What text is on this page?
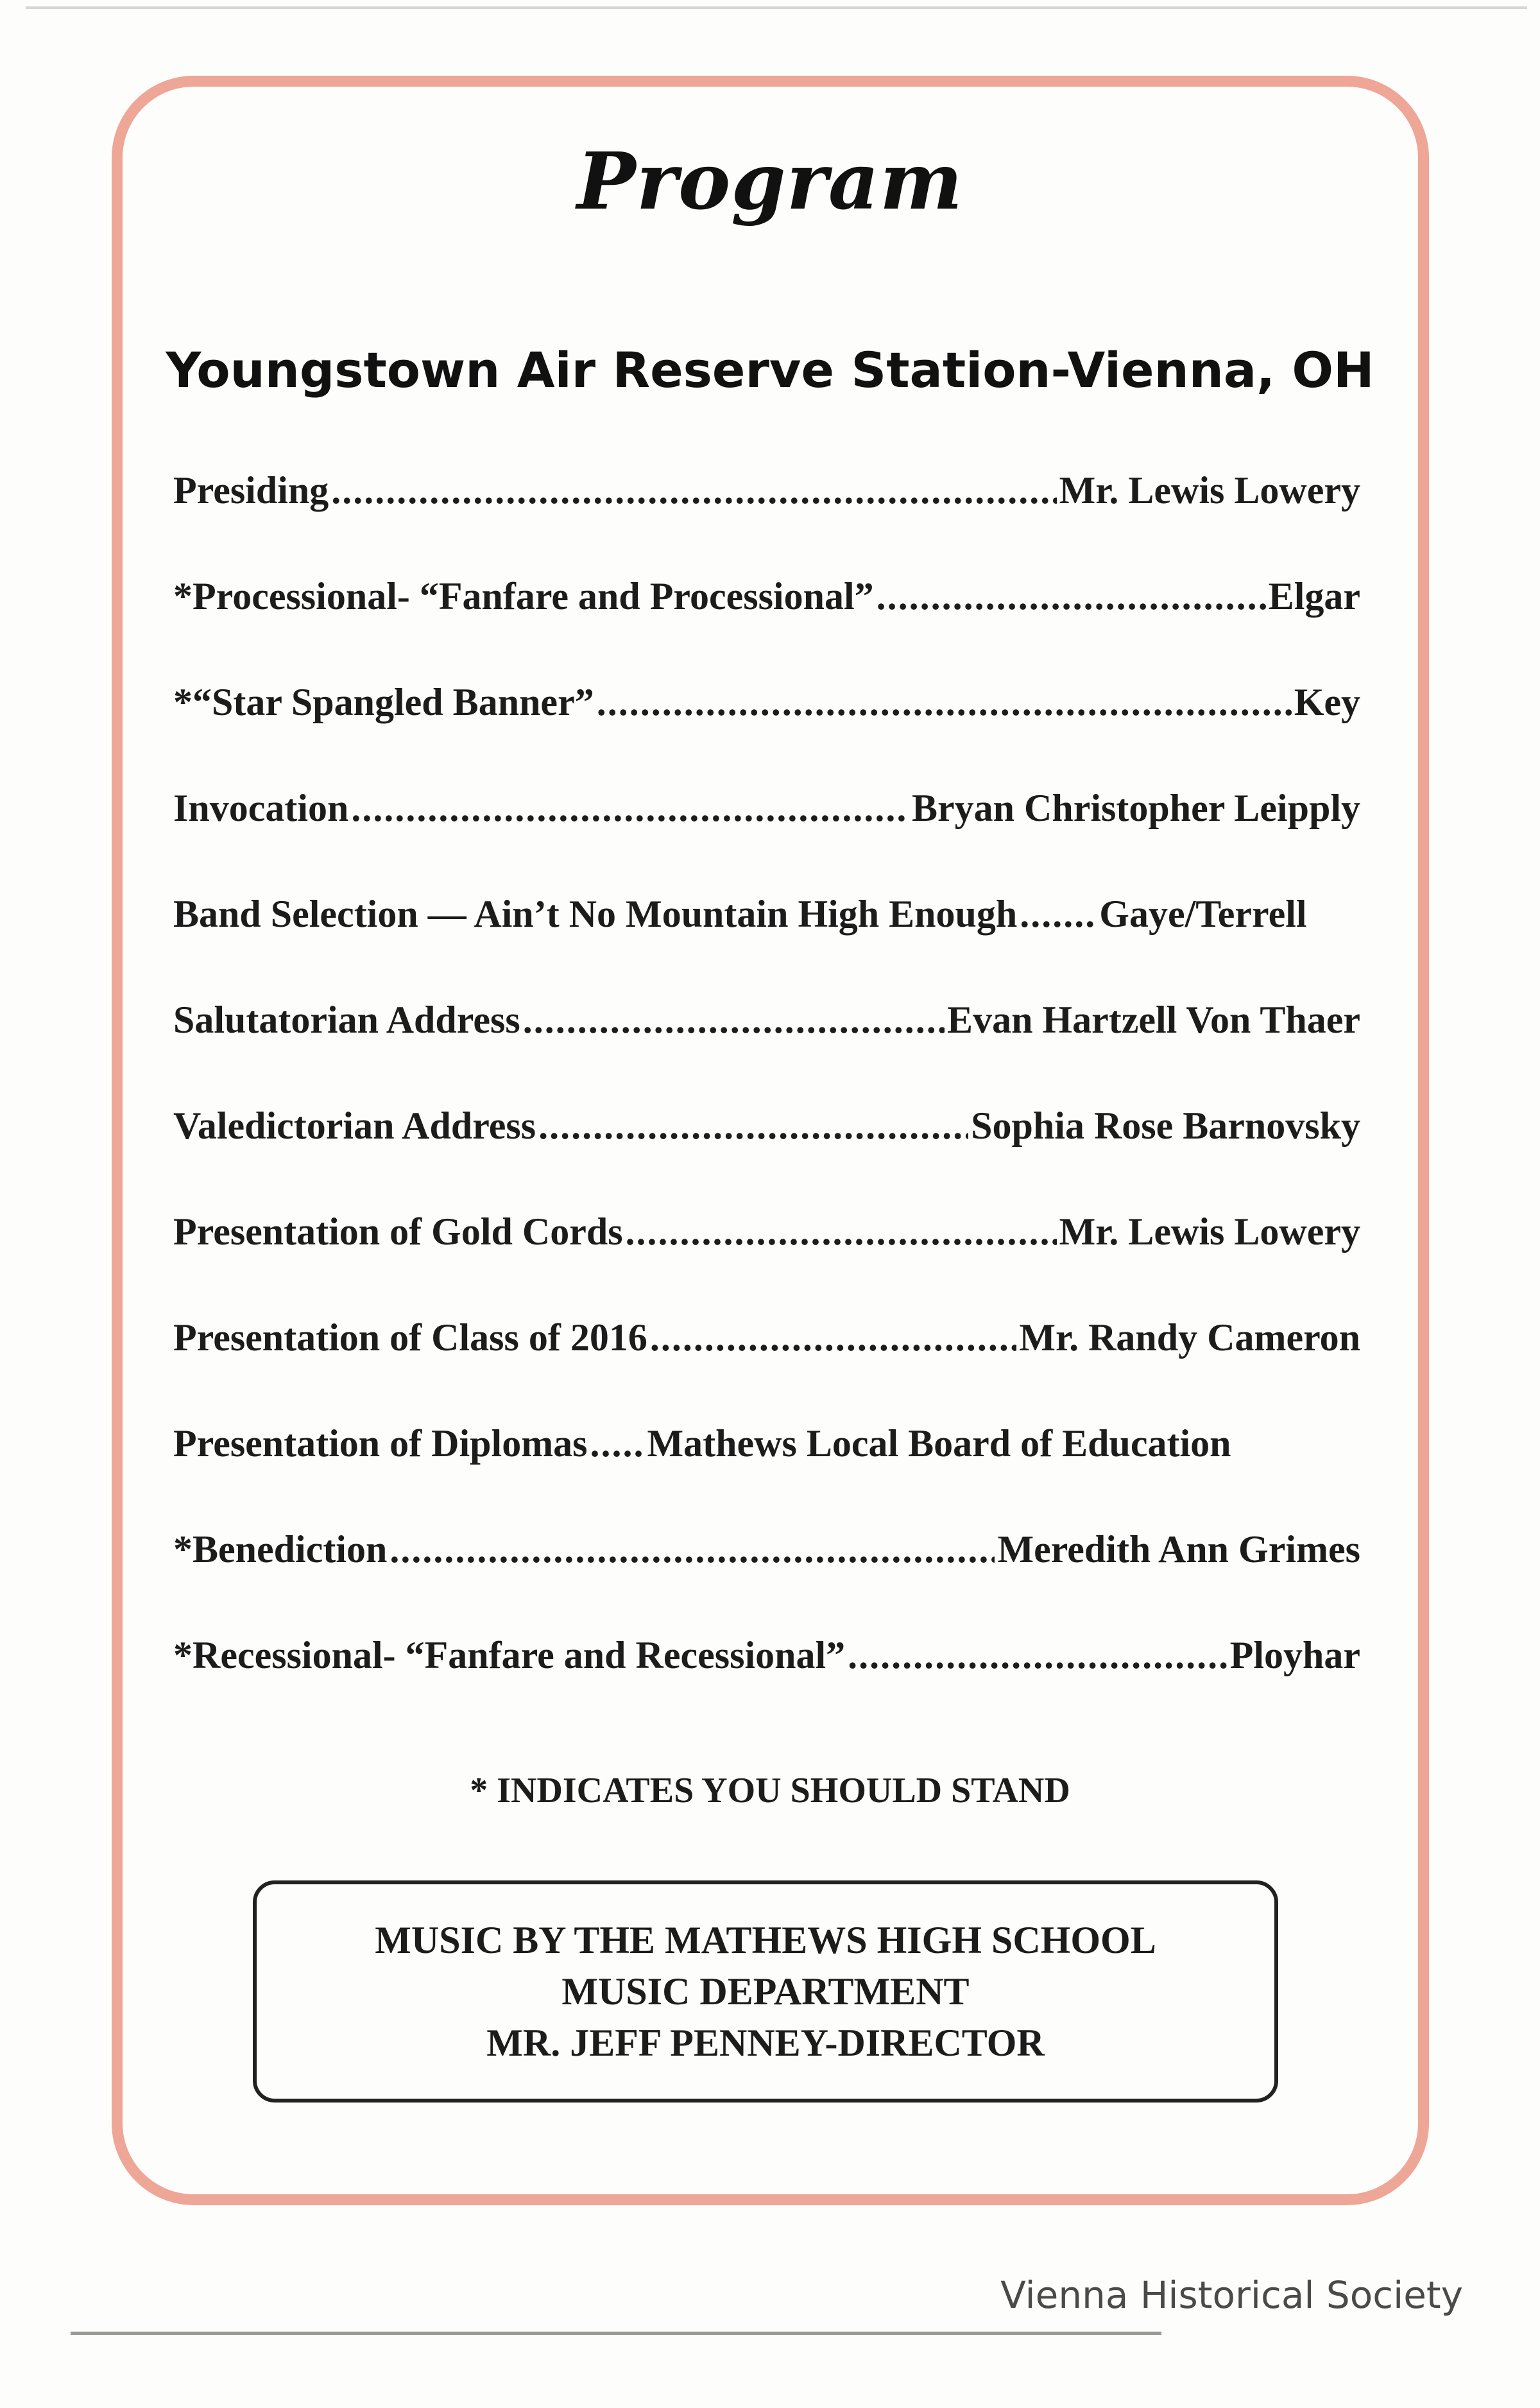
Program
Youngstown Air Reserve Station-Vienna, OH
Presiding .....	Mr. Lewis Lowery
*Processional- “Fanfare and Processional” .....	Elgar
*“Star Spangled Banner” .....	Key
Invocation .....	Bryan Christopher Leipply
Band Selection — Ain’t No Mountain High Enough ..... Gaye/Terrell
Salutatorian Address .....	Evan Hartzell Von Thaer
Valedictorian Address .....	Sophia Rose Barnovsky
Presentation of Gold Cords .....	Mr. Lewis Lowery
Presentation of Class of 2016 .....	Mr. Randy Cameron
Presentation of Diplomas ..... Mathews Local Board of Education
*Benediction .....	Meredith Ann Grimes
*Recessional- “Fanfare and Recessional” .....	Ployhar
* INDICATES YOU SHOULD STAND
MUSIC BY THE MATHEWS HIGH SCHOOL
MUSIC DEPARTMENT
MR. JEFF PENNEY-DIRECTOR
Vienna Historical Society
